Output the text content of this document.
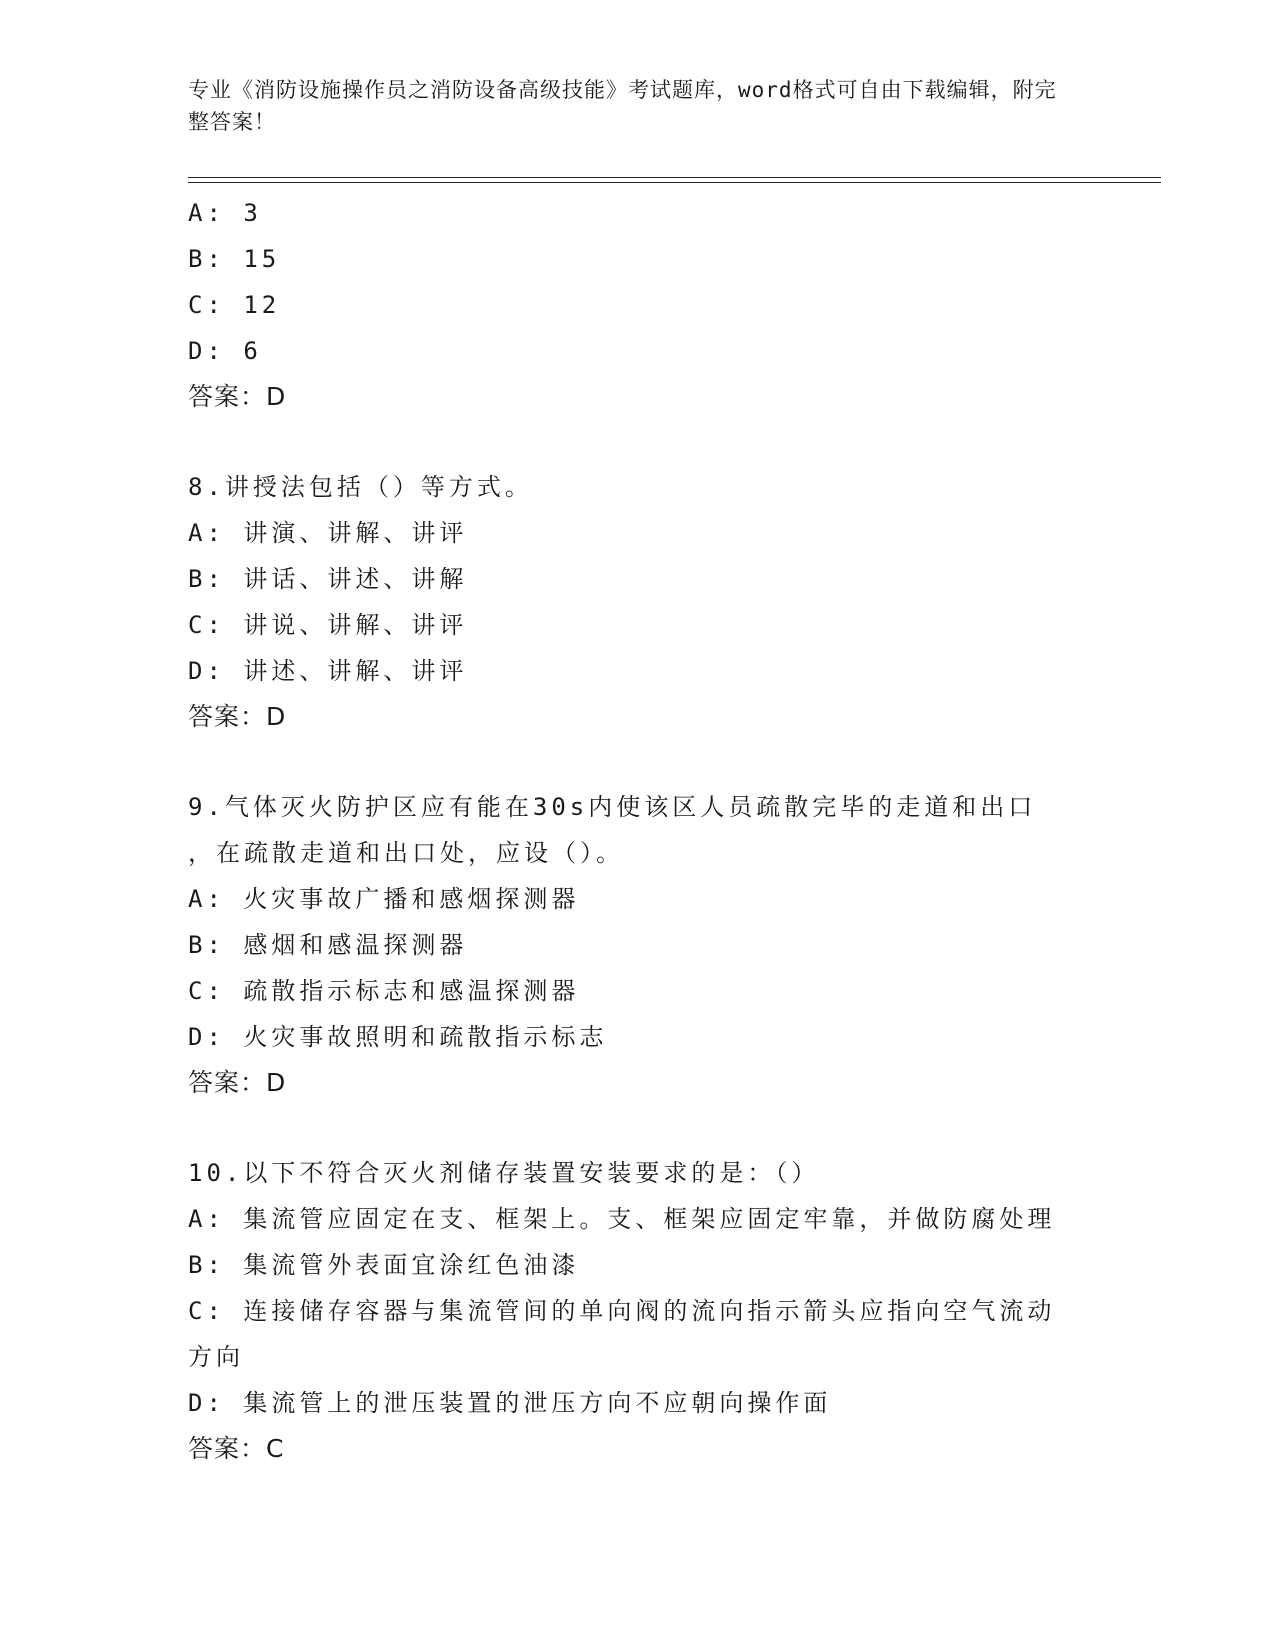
专业《消防设施操作员之消防设备高级技能》考试题库，word格式可自由下载编辑，附完整答案！
A: 3
B: 15
C: 12
D: 6
答案：D
8.讲授法包括（）等方式。
A: 讲演、讲解、讲评
B: 讲话、讲述、讲解
C: 讲说、讲解、讲评
D: 讲述、讲解、讲评
答案：D
9.气体灭火防护区应有能在30s内使该区人员疏散完毕的走道和出口
，在疏散走道和出口处，应设（）。
A: 火灾事故广播和感烟探测器
B: 感烟和感温探测器
C: 疏散指示标志和感温探测器
D: 火灾事故照明和疏散指示标志
答案：D
10.以下不符合灭火剂储存装置安装要求的是：（）
A: 集流管应固定在支、框架上。支、框架应固定牢靠，并做防腐处理
B: 集流管外表面宜涂红色油漆
C: 连接储存容器与集流管间的单向阀的流向指示箭头应指向空气流动
方向
D: 集流管上的泄压装置的泄压方向不应朝向操作面
答案：C
